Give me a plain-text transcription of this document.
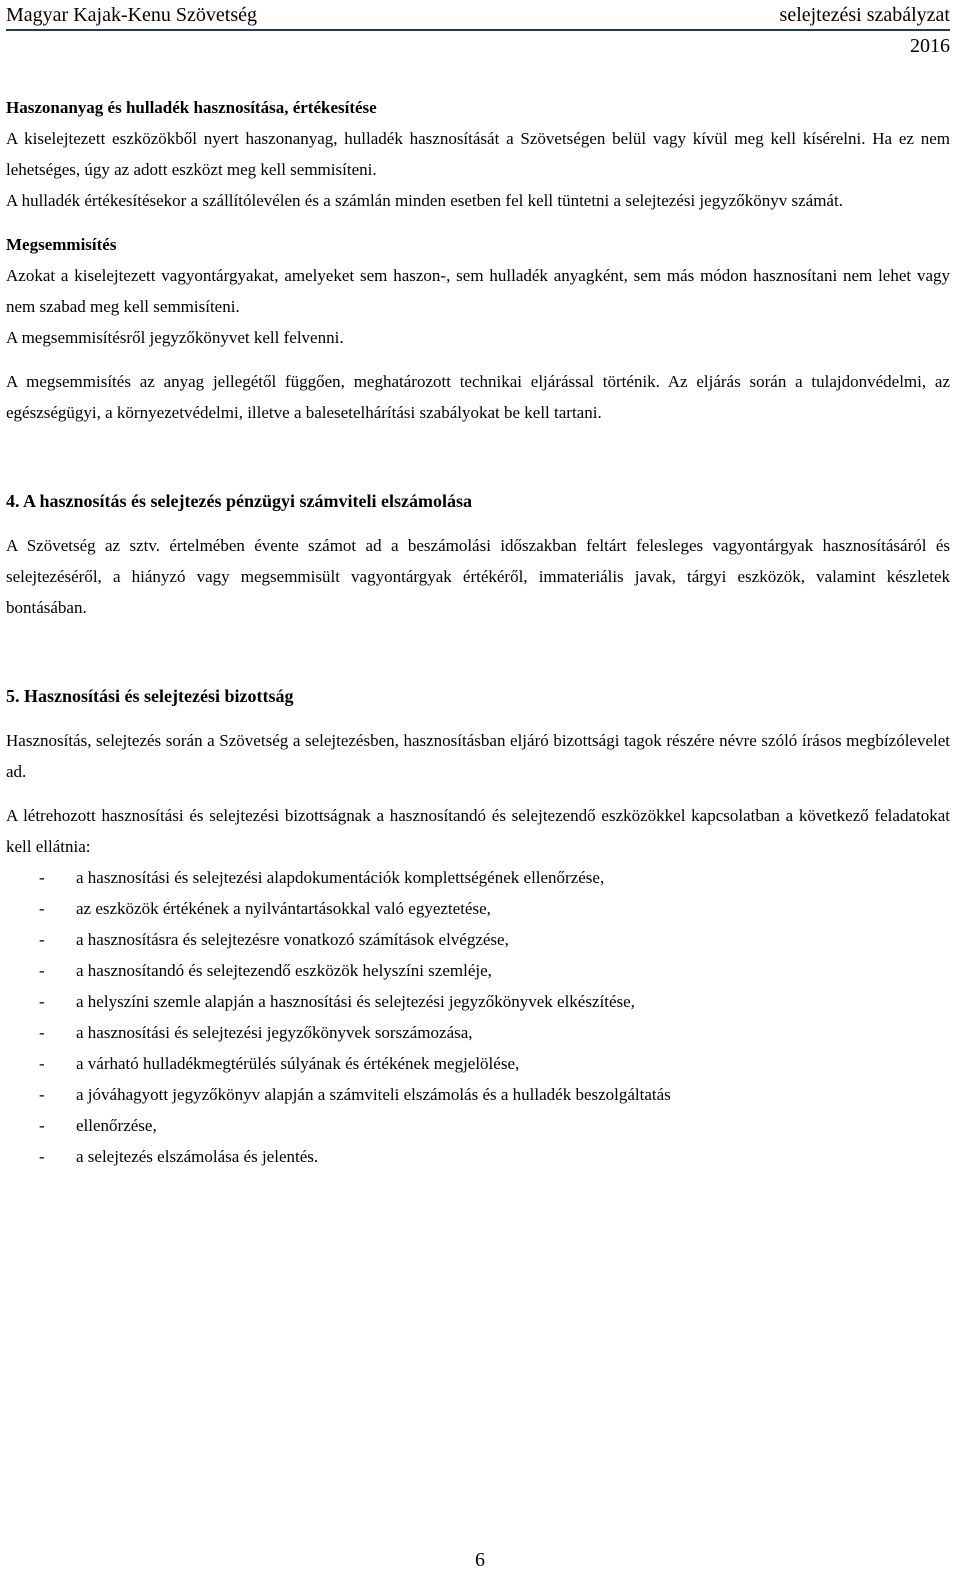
Magyar Kajak-Kenu Szövetség	selejtezési szabályzat
2016

Haszonanyag és hulladék hasznosítása, értékesítése

A kiselejtezett eszközökből nyert haszonanyag, hulladék hasznosítását a Szövetségen belül vagy kívül meg kell kísérelni. Ha ez nem lehetséges, úgy az adott eszközt meg kell semmisíteni.

A hulladék értékesítésekor a szállítólevélen és a számlán minden esetben fel kell tüntetni a selejtezési jegyzőkönyv számát.

Megsemmisítés

Azokat a kiselejtezett vagyontárgyakat, amelyeket sem haszon-, sem hulladék anyagként, sem más módon hasznosítani nem lehet vagy nem szabad meg kell semmisíteni.

A megsemmisítésről jegyzőkönyvet kell felvenni.

A megsemmisítés az anyag jellegétől függően, meghatározott technikai eljárással történik. Az eljárás során a tulajdonvédelmi, az egészségügyi, a környezetvédelmi, illetve a balesetelhárítási szabályokat be kell tartani.

4. A hasznosítás és selejtezés pénzügyi számviteli elszámolása

A Szövetség az sztv. értelmében évente számot ad a beszámolási időszakban feltárt felesleges vagyontárgyak hasznosításáról és selejtezéséről, a hiányzó vagy megsemmisült vagyontárgyak értékéről, immateriális javak, tárgyi eszközök, valamint készletek bontásában.

5. Hasznosítási és selejtezési bizottság

Hasznosítás, selejtezés során a Szövetség a selejtezésben, hasznosításban eljáró bizottsági tagok részére névre szóló írásos megbízólevelet ad.

A létrehozott hasznosítási és selejtezési bizottságnak a hasznosítandó és selejtezendő eszközökkel kapcsolatban a következő feladatokat kell ellátnia:

- a hasznosítási és selejtezési alapdokumentációk komplettségének ellenőrzése,
- az eszközök értékének a nyilvántartásokkal való egyeztetése,
- a hasznosításra és selejtezésre vonatkozó számítások elvégzése,
- a hasznosítandó és selejtezendő eszközök helyszíni szemléje,
- a helyszíni szemle alapján a hasznosítási és selejtezési jegyzőkönyvek elkészítése,
- a hasznosítási és selejtezési jegyzőkönyvek sorszámozása,
- a várható hulladékmegtérülés súlyának és értékének megjelölése,
- a jóváhagyott jegyzőkönyv alapján a számviteli elszámolás és a hulladék beszolgáltatás
- ellenőrzése,
- a selejtezés elszámolása és jelentés.
6
